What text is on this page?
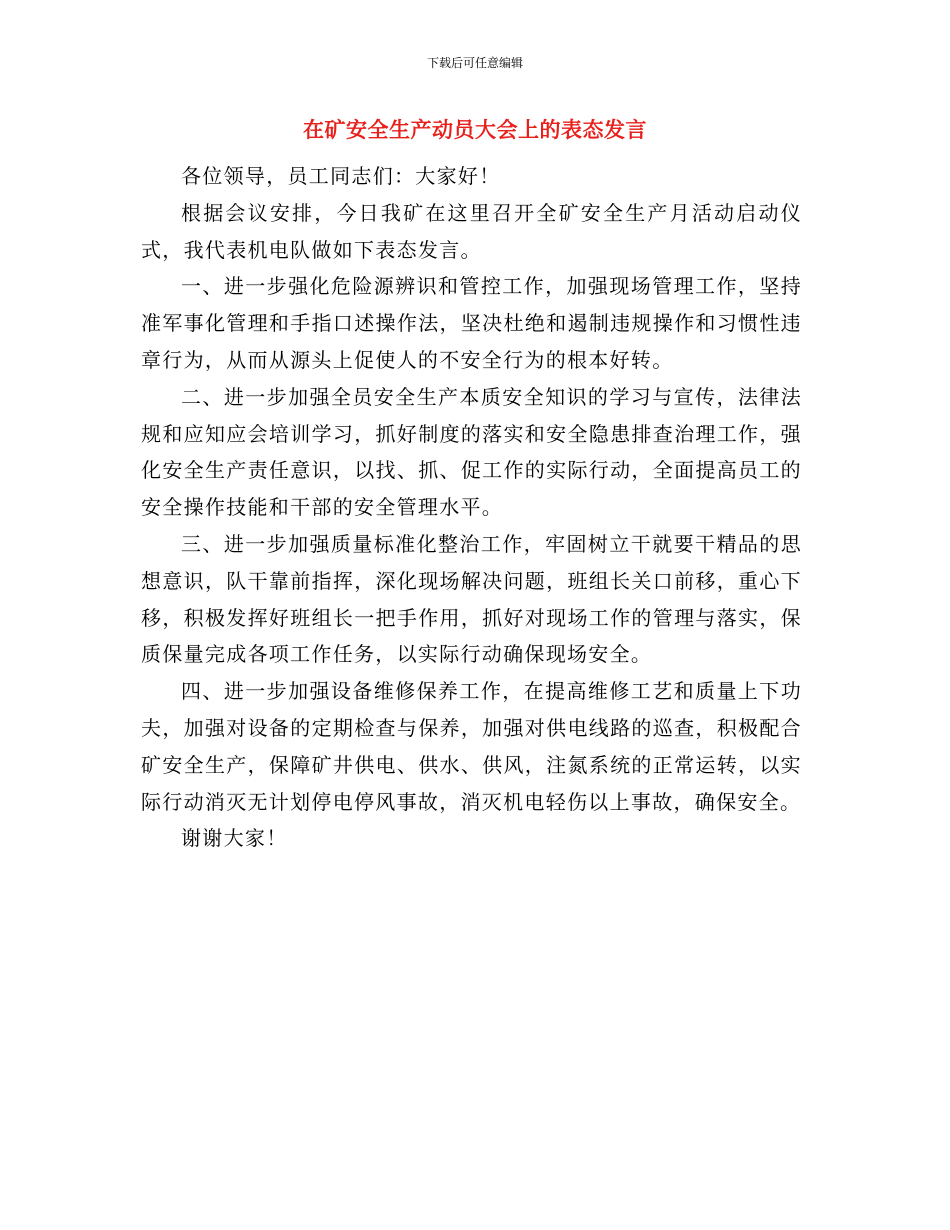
下载后可任意编辑
在矿安全生产动员大会上的表态发言

各位领导，员工同志们：大家好！

根据会议安排，今日我矿在这里召开全矿安全生产月活动启动仪式，我代表机电队做如下表态发言。

一、进一步强化危险源辨识和管控工作，加强现场管理工作，坚持准军事化管理和手指口述操作法，坚决杜绝和遏制违规操作和习惯性违章行为，从而从源头上促使人的不安全行为的根本好转。

二、进一步加强全员安全生产本质安全知识的学习与宣传，法律法规和应知应会培训学习，抓好制度的落实和安全隐患排查治理工作，强化安全生产责任意识，以找、抓、促工作的实际行动，全面提高员工的安全操作技能和干部的安全管理水平。

三、进一步加强质量标准化整治工作，牢固树立干就要干精品的思想意识，队干靠前指挥，深化现场解决问题，班组长关口前移，重心下移，积极发挥好班组长一把手作用，抓好对现场工作的管理与落实，保质保量完成各项工作任务，以实际行动确保现场安全。

四、进一步加强设备维修保养工作，在提高维修工艺和质量上下功夫，加强对设备的定期检查与保养，加强对供电线路的巡查，积极配合矿安全生产，保障矿井供电、供水、供风，注氮系统的正常运转，以实际行动消灭无计划停电停风事故，消灭机电轻伤以上事故，确保安全。

谢谢大家！
